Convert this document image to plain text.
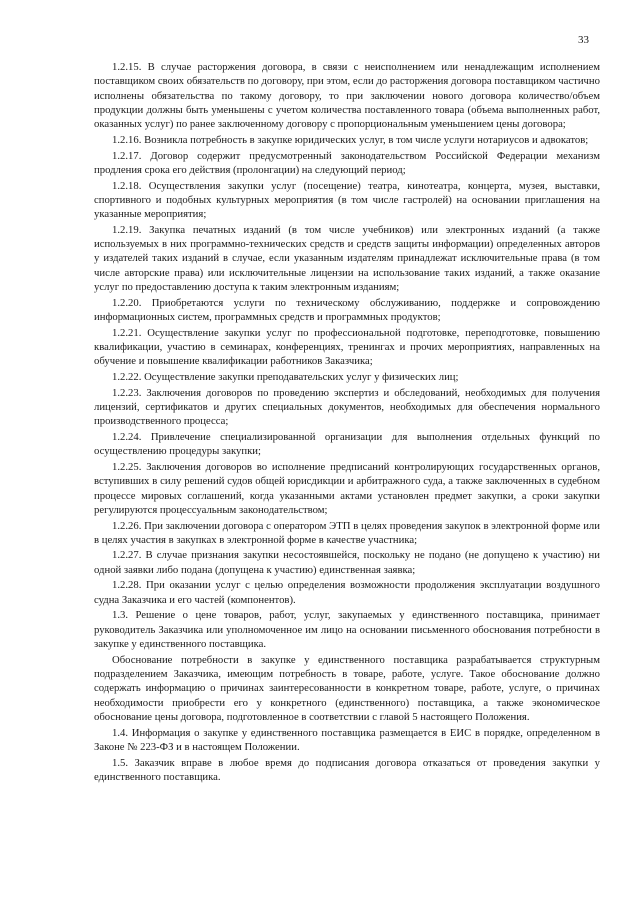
33

1.2.15. В случае расторжения договора, в связи с неисполнением или ненадлежащим исполнением поставщиком своих обязательств по договору, при этом, если до расторжения договора поставщиком частично исполнены обязательства по такому договору, то при заключении нового договора количество/объем продукции должны быть уменьшены с учетом количества поставленного товара (объема выполненных работ, оказанных услуг) по ранее заключенному договору с пропорциональным уменьшением цены договора;

1.2.16. Возникла потребность в закупке юридических услуг, в том числе услуги нотариусов и адвокатов;

1.2.17. Договор содержит предусмотренный законодательством Российской Федерации механизм продления срока его действия (пролонгации) на следующий период;

1.2.18. Осуществления закупки услуг (посещение) театра, кинотеатра, концерта, музея, выставки, спортивного и подобных культурных мероприятия (в том числе гастролей) на основании приглашения на указанные мероприятия;

1.2.19. Закупка печатных изданий (в том числе учебников) или электронных изданий (а также используемых в них программно-технических средств и средств защиты информации) определенных авторов у издателей таких изданий в случае, если указанным издателям принадлежат исключительные права (в том числе авторские права) или исключительные лицензии на использование таких изданий, а также оказание услуг по предоставлению доступа к таким электронным изданиям;

1.2.20. Приобретаются услуги по техническому обслуживанию, поддержке и сопровождению информационных систем, программных средств и программных продуктов;

1.2.21. Осуществление закупки услуг по профессиональной подготовке, переподготовке, повышению квалификации, участию в семинарах, конференциях, тренингах и прочих мероприятиях, направленных на обучение и повышение квалификации работников Заказчика;

1.2.22. Осуществление закупки преподавательских услуг у физических лиц;

1.2.23. Заключения договоров по проведению экспертиз и обследований, необходимых для получения лицензий, сертификатов и других специальных документов, необходимых для обеспечения нормального производственного процесса;

1.2.24. Привлечение специализированной организации для выполнения отдельных функций по осуществлению процедуры закупки;

1.2.25. Заключения договоров во исполнение предписаний контролирующих государственных органов, вступивших в силу решений судов общей юрисдикции и арбитражного суда, а также заключенных в судебном процессе мировых соглашений, когда указанными актами установлен предмет закупки, а сроки закупки регулируются процессуальным законодательством;

1.2.26. При заключении договора с оператором ЭТП в целях проведения закупок в электронной форме или в целях участия в закупках в электронной форме в качестве участника;

1.2.27. В случае признания закупки несостоявшейся, поскольку не подано (не допущено к участию) ни одной заявки либо подана (допущена к участию) единственная заявка;

1.2.28. При оказании услуг с целью определения возможности продолжения эксплуатации воздушного судна Заказчика и его частей (компонентов).

1.3. Решение о цене товаров, работ, услуг, закупаемых у единственного поставщика, принимает руководитель Заказчика или уполномоченное им лицо на основании письменного обоснования потребности в закупке у единственного поставщика.

Обоснование потребности в закупке у единственного поставщика разрабатывается структурным подразделением Заказчика, имеющим потребность в товаре, работе, услуге. Такое обоснование должно содержать информацию о причинах заинтересованности в конкретном товаре, работе, услуге, о причинах необходимости приобрести его у конкретного (единственного) поставщика, а также экономическое обоснование цены договора, подготовленное в соответствии с главой 5 настоящего Положения.

1.4. Информация о закупке у единственного поставщика размещается в ЕИС в порядке, определенном в Законе № 223-ФЗ и в настоящем Положении.

1.5. Заказчик вправе в любое время до подписания договора отказаться от проведения закупки у единственного поставщика.
